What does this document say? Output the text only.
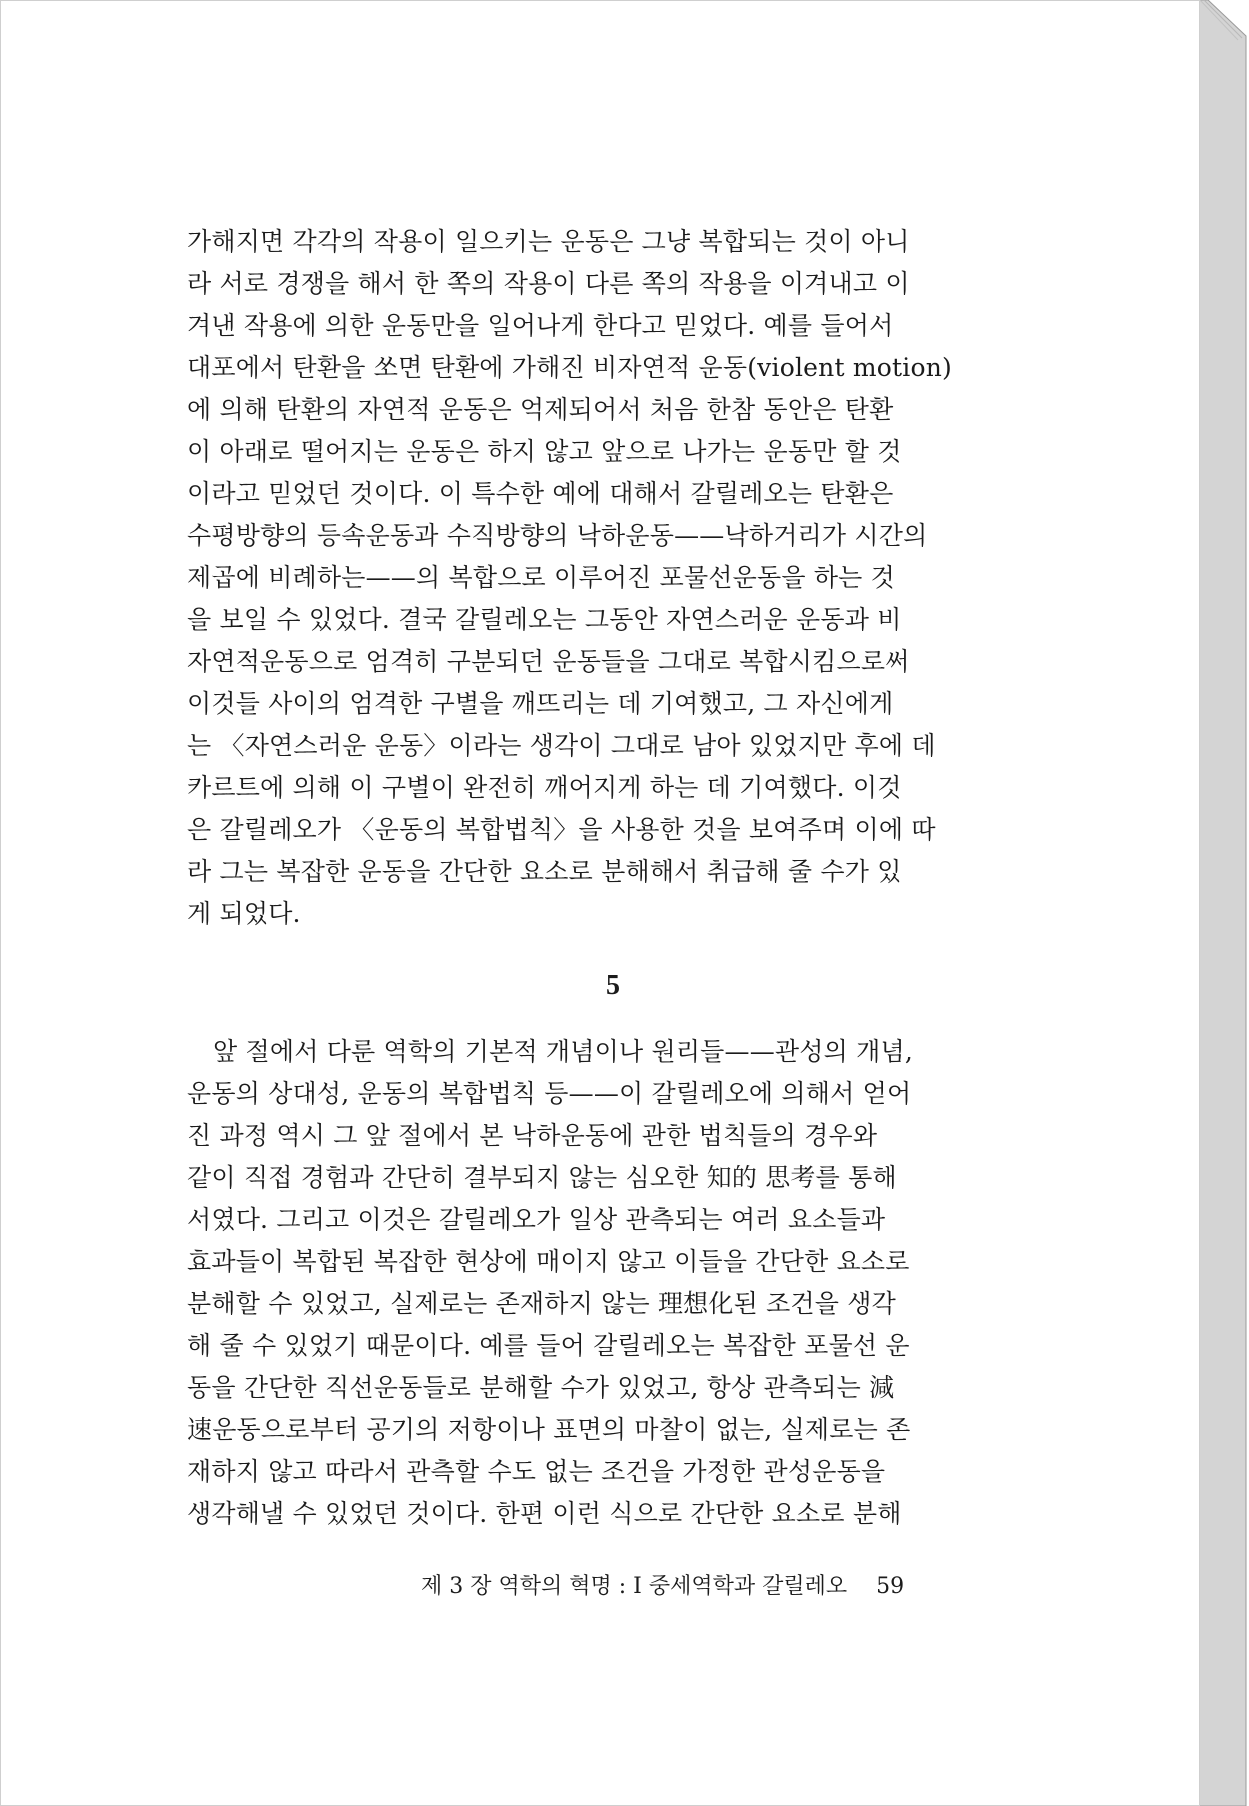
가해지면 각각의 작용이 일으키는 운동은 그냥 복합되는 것이 아니
라 서로 경쟁을 해서 한 쪽의 작용이 다른 쪽의 작용을 이겨내고 이
겨낸 작용에 의한 운동만을 일어나게 한다고 믿었다. 예를 들어서
대포에서 탄환을 쏘면 탄환에 가해진 비자연적 운동(violent motion)
에 의해 탄환의 자연적 운동은 억제되어서 처음 한참 동안은 탄환
이 아래로 떨어지는 운동은 하지 않고 앞으로 나가는 운동만 할 것
이라고 믿었던 것이다. 이 특수한 예에 대해서 갈릴레오는 탄환은
수평방향의 등속운동과 수직방향의 낙하운동——낙하거리가 시간의
제곱에 비례하는——의 복합으로 이루어진 포물선운동을 하는 것
을 보일 수 있었다. 결국 갈릴레오는 그동안 자연스러운 운동과 비
자연적운동으로 엄격히 구분되던 운동들을 그대로 복합시킴으로써
이것들 사이의 엄격한 구별을 깨뜨리는 데 기여했고, 그 자신에게
는 〈자연스러운 운동〉이라는 생각이 그대로 남아 있었지만 후에 데
카르트에 의해 이 구별이 완전히 깨어지게 하는 데 기여했다. 이것
은 갈릴레오가 〈운동의 복합법칙〉을 사용한 것을 보여주며 이에 따
라 그는 복잡한 운동을 간단한 요소로 분해해서 취급해 줄 수가 있
게 되었다.
5
앞 절에서 다룬 역학의 기본적 개념이나 원리들——관성의 개념,
운동의 상대성, 운동의 복합법칙 등——이 갈릴레오에 의해서 얻어
진 과정 역시 그 앞 절에서 본 낙하운동에 관한 법칙들의 경우와
같이 직접 경험과 간단히 결부되지 않는 심오한 知的 思考를 통해
서였다. 그리고 이것은 갈릴레오가 일상 관측되는 여러 요소들과
효과들이 복합된 복잡한 현상에 매이지 않고 이들을 간단한 요소로
분해할 수 있었고, 실제로는 존재하지 않는 理想化된 조건을 생각
해 줄 수 있었기 때문이다. 예를 들어 갈릴레오는 복잡한 포물선 운
동을 간단한 직선운동들로 분해할 수가 있었고, 항상 관측되는 減
速운동으로부터 공기의 저항이나 표면의 마찰이 없는, 실제로는 존
재하지 않고 따라서 관측할 수도 없는 조건을 가정한 관성운동을
생각해낼 수 있었던 것이다. 한편 이런 식으로 간단한 요소로 분해
제 3 장 역학의 혁명 : I 중세역학과 갈릴레오 59
